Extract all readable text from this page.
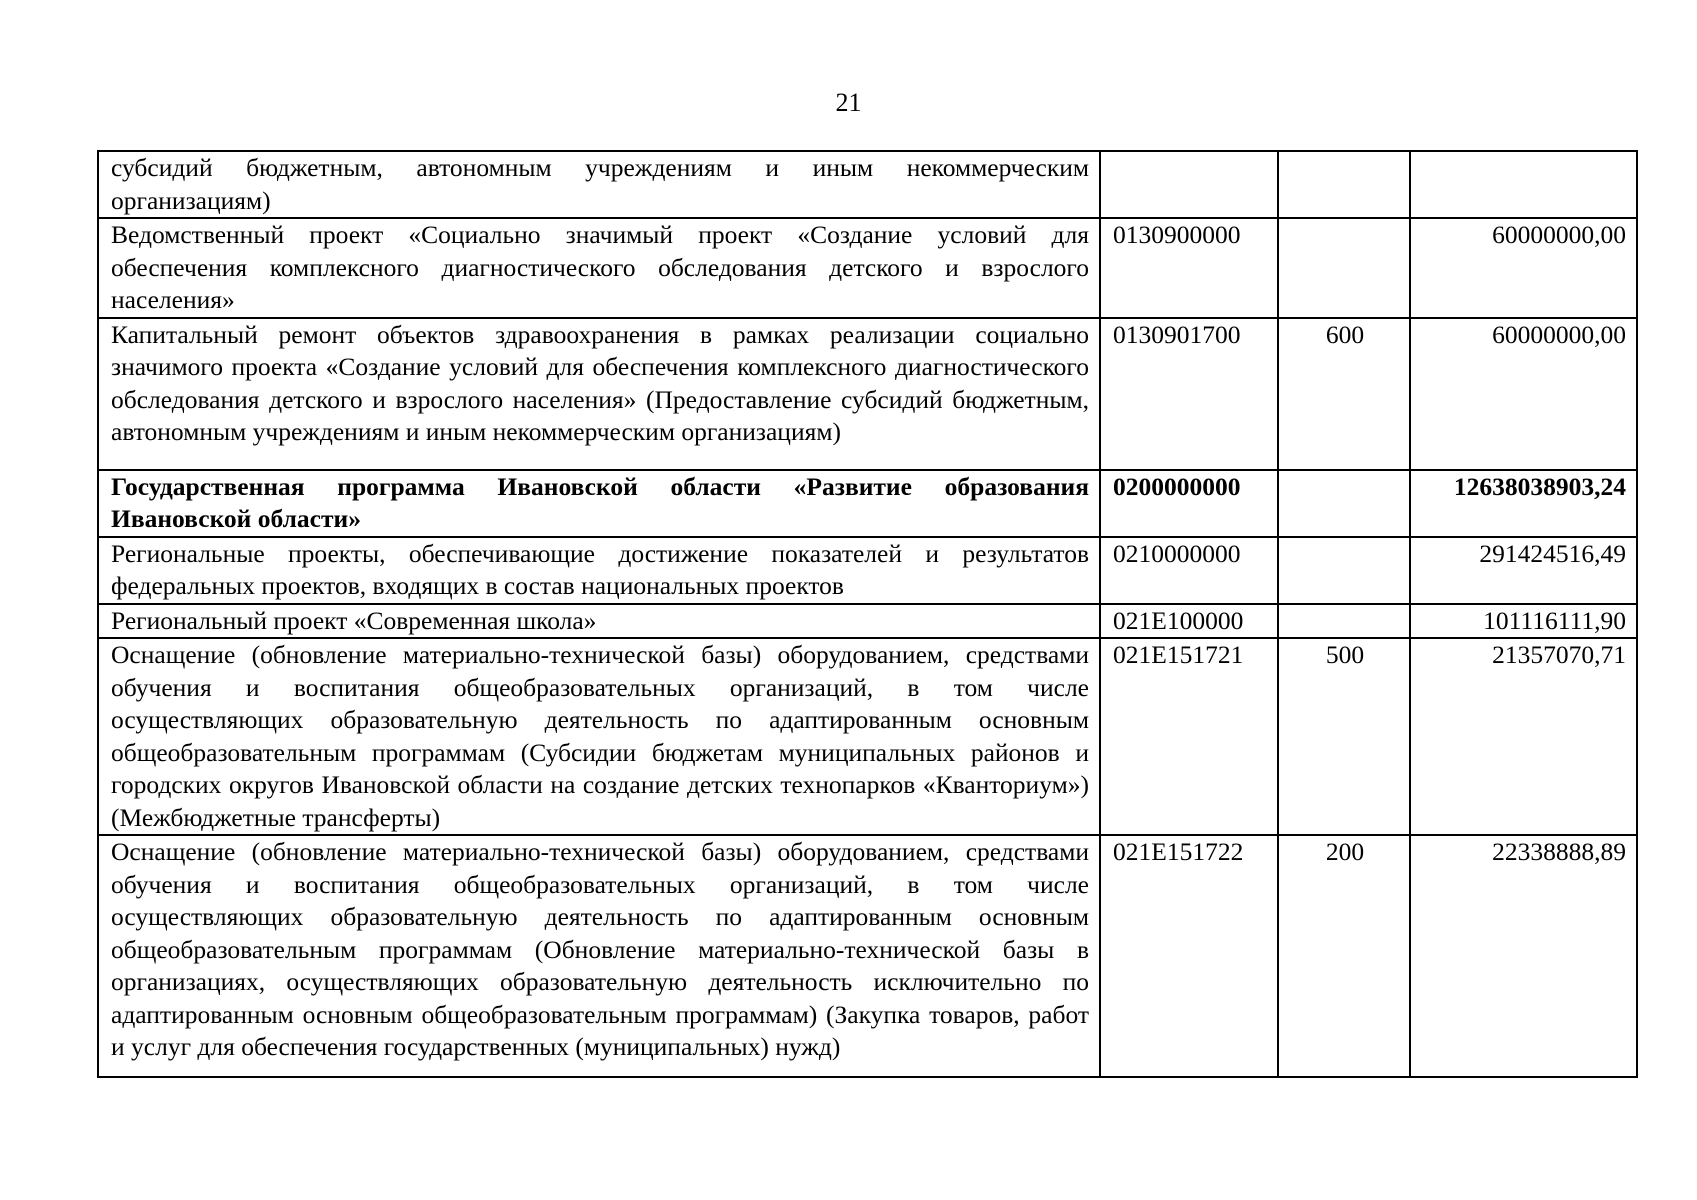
21
субсидий бюджетным, автономным учреждениям и иным некоммерческим организациям)			
Ведомственный проект «Социально значимый проект «Создание условий для обеспечения комплексного диагностического обследования детского и взрослого населения»	0130900000		60000000,00
Капитальный ремонт объектов здравоохранения в рамках реализации социально значимого проекта «Создание условий для обеспечения комплексного диагностического обследования детского и взрослого населения» (Предоставление субсидий бюджетным, автономным учреждениям и иным некоммерческим организациям)	0130901700	600	60000000,00
Государственная программа Ивановской области «Развитие образования Ивановской области»	0200000000		12638038903,24
Региональные проекты, обеспечивающие достижение показателей и результатов федеральных проектов, входящих в состав национальных проектов	0210000000		291424516,49
Региональный проект «Современная школа»	021E100000		101116111,90
Оснащение (обновление материально-технической базы) оборудованием, средствами обучения и воспитания общеобразовательных организаций, в том числе осуществляющих образовательную деятельность по адаптированным основным общеобразовательным программам (Субсидии бюджетам муниципальных районов и городских округов Ивановской области на создание детских технопарков «Кванториум») (Межбюджетные трансферты)	021E151721	500	21357070,71
Оснащение (обновление материально-технической базы) оборудованием, средствами обучения и воспитания общеобразовательных организаций, в том числе осуществляющих образовательную деятельность по адаптированным основным общеобразовательным программам (Обновление материально-технической базы в организациях, осуществляющих образовательную деятельность исключительно по адаптированным основным общеобразовательным программам) (Закупка товаров, работ и услуг для обеспечения государственных (муниципальных) нужд)	021E151722	200	22338888,89
